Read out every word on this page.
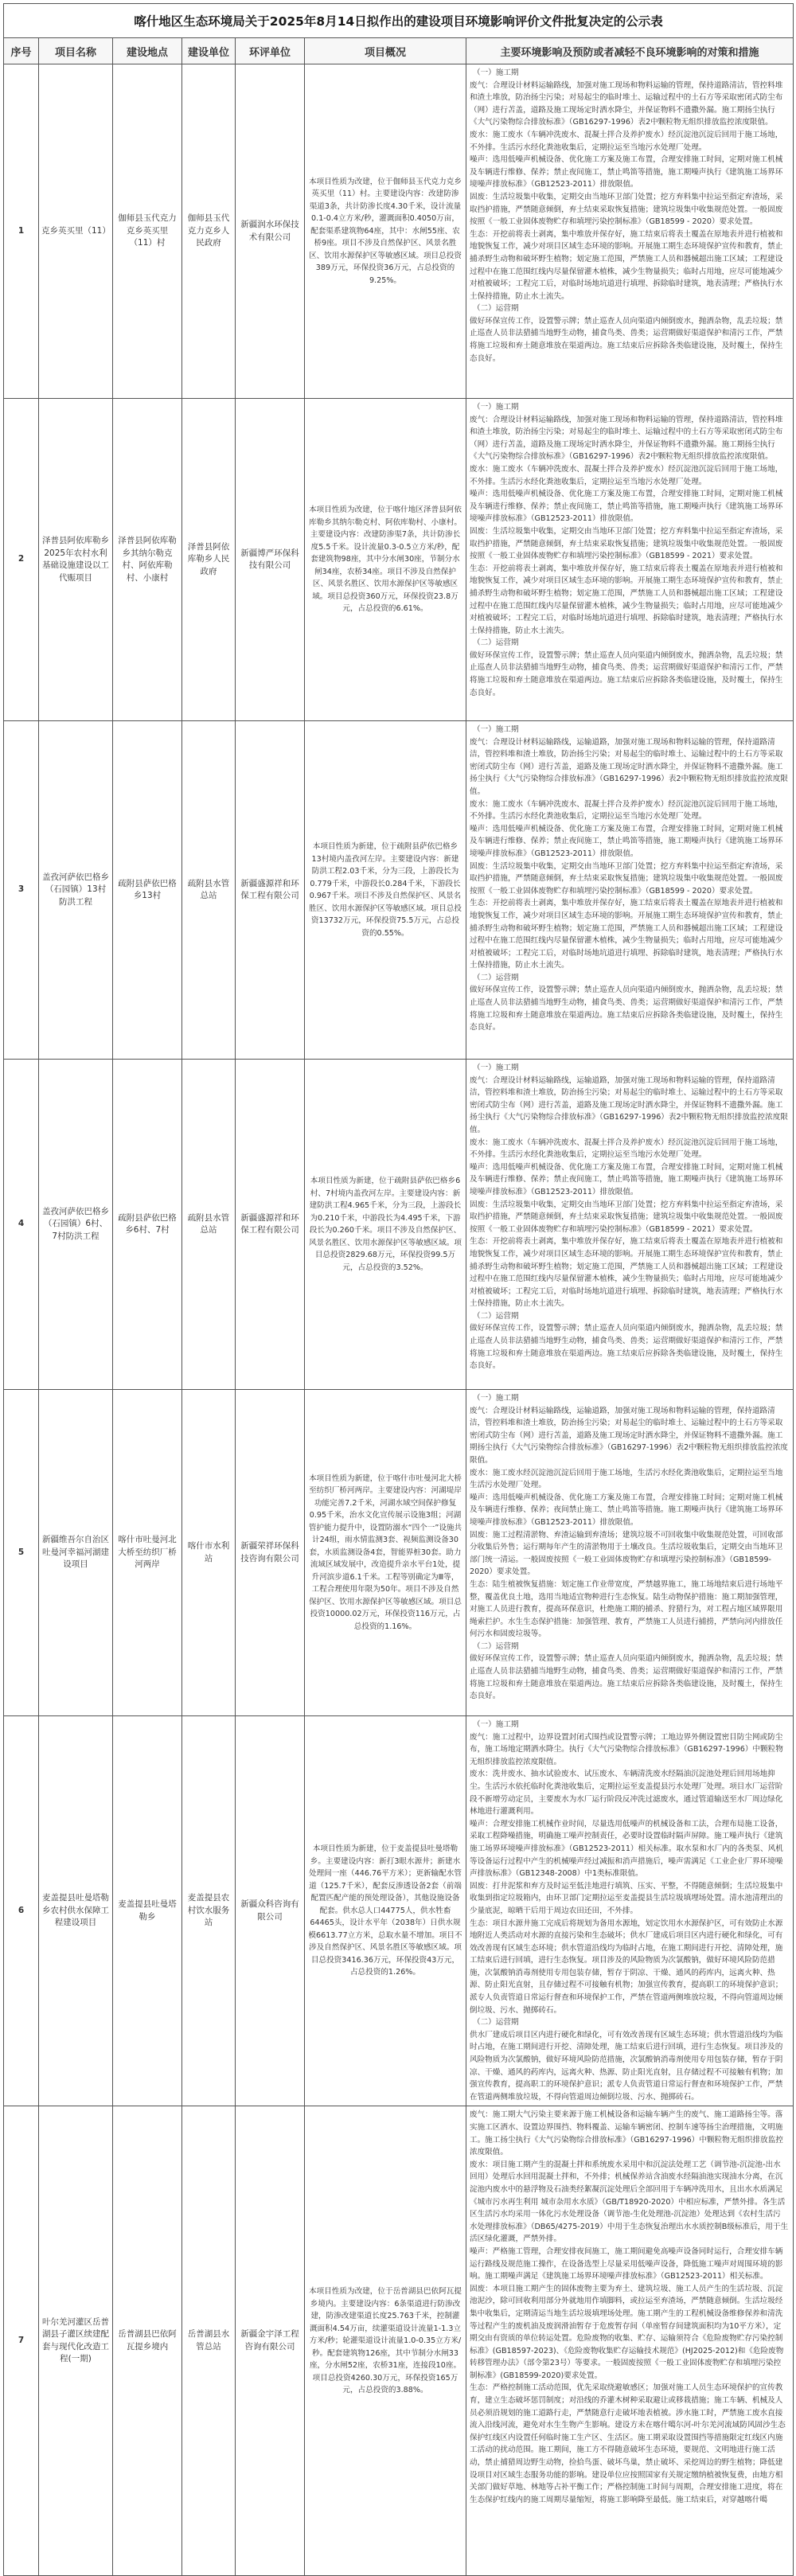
喀什地区生态环境局关于2025年8月14日拟作出的建设项目环境影响评价文件批复决定的公示表						
序号	项目名称	建设地点	建设单位	环评单位	项目概况	主要环境影响及预防或者减轻不良环境影响的对策和措施
1	克乡英买里（11）	伽师县玉代克力克乡英买里（11）村	伽师县玉代克力克乡人民政府	新疆润水环保技术有限公司	本项目性质为改建，位于伽师县玉代克力克乡英买里（11）村。主要建设内容：改建防渗渠道3条，共计防渗长度4.30千米，设计流量0.1-0.4立方米/秒，灌溉面积0.4050万亩，配套渠系建筑物64座，其中：水闸55座、农桥9座。项目不涉及自然保护区、风景名胜区、饮用水源保护区等敏感区域。项目总投资389万元，环保投资36万元，占总投资的9.25%。	

（一）施工期

废气：合理设计材料运输路线，加强对施工现场和物料运输的管理，保持道路清洁，管控料堆和渣土堆放，防治扬尘污染；对易起尘的临时堆土、运输过程中的土石方等采取密闭式防尘布（网）进行苫盖，道路及施工现场定时洒水降尘，并保证物料不遗撒外漏。施工期扬尘执行《大气污染物综合排放标准》（GB16297-1996）表2中颗粒物无组织排放监控浓度限值。

废水：施工废水（车辆冲洗废水、混凝土拌合及养护废水）经沉淀池沉淀后回用于施工场地，不外排。生活污水经化粪池收集后，定期拉运至当地污水处理厂处理。

噪声：选用低噪声机械设备、优化施工方案及施工布置，合理安排施工时间，定期对施工机械及车辆进行维修、保养；禁止夜间施工，禁止鸣笛等措施，施工期噪声执行《建筑施工场界环境噪声排放标准》（GB12523-2011）排放限值。

固废：生活垃圾集中收集，定期交由当地环卫部门处置；挖方弃料集中拉运至指定弃渣场，采取挡护措施，严禁随意倾倒，弃土结束采取恢复措施；建筑垃圾集中收集规范处置。一般固废按照《一般工业固体废物贮存和填埋污染控制标准》（GB18599 - 2020）要求处置。

生态：开挖前将表土剥离，集中堆放并保存好，施工结束后将表土覆盖在原地表并进行植被和地貌恢复工作，减少对项目区域生态环境的影响。开展施工期生态环境保护宣传和教育，禁止捕杀野生动物和破坏野生植物；划定施工范围，严禁施工人员和器械超出施工区域；工程建设过程中在施工范围红线内尽量保留灌木植株，减少生物量损失；临时占用地，应尽可能地减少对植被破坏；工程完工后，对临时场地坑道进行填埋、拆除临时建筑，地表清理；严格执行水土保持措施，防止水土流失。

（二）运营期

做好环保宣传工作，设置警示牌；禁止巡查人员向渠道内倾倒废水，抛洒杂物，乱丢垃圾；禁止巡查人员非法猎捕当地野生动物，捕食鸟类、兽类；运营期做好渠道保护和清污工作，严禁将施工垃圾和弃土随意堆放在渠道两边。施工结束后应拆除各类临建设施，及时覆土，保持生态良好。

2	泽普县阿依库勒乡2025年农村水利基础设施建设以工代赈项目	泽普县阿依库勒乡其纳尔勒克村、阿依库勒村、小康村	泽普县阿依库勒乡人民政府	新疆博严环保科技有限公司	本项目性质为改建，位于喀什地区泽普县阿依库勒乡其纳尔勒克村、阿依库勒村、小康村。主要建设内容：改建防渗渠7条，共计防渗长度5.5千米。设计流量0.3-0.5立方米/秒，配套建筑物98座，其中分水闸30座，节制分水闸34座，农桥34座。项目不涉及自然保护区、风景名胜区、饮用水源保护区等敏感区域。项目总投资360万元，环保投资23.8万元，占总投资的6.61%。	

（一）施工期

废气：合理设计材料运输路线，加强对施工现场和物料运输的管理，保持道路清洁，管控料堆和渣土堆放，防治扬尘污染；对易起尘的临时堆土、运输过程中的土石方等采取密闭式防尘布（网）进行苫盖，道路及施工现场定时洒水降尘，并保证物料不遗撒外漏。施工期扬尘执行《大气污染物综合排放标准》（GB16297-1996）表2中颗粒物无组织排放监控浓度限值。

废水：施工废水（车辆冲洗废水、混凝土拌合及养护废水）经沉淀池沉淀后回用于施工场地，不外排。生活污水经化粪池收集后，定期拉运至当地污水处理厂处理。

噪声：选用低噪声机械设备、优化施工方案及施工布置，合理安排施工时间，定期对施工机械及车辆进行维修、保养；禁止夜间施工，禁止鸣笛等措施，施工期噪声执行《建筑施工场界环境噪声排放标准》（GB12523-2011）排放限值。

固废：生活垃圾集中收集，定期交由当地环卫部门处置；挖方弃料集中拉运至指定弃渣场，采取挡护措施，严禁随意倾倒，弃土结束采取恢复措施；建筑垃圾集中收集规范处置。一般固废按照《一般工业固体废物贮存和填埋污染控制标准》（GB18599 - 2021）要求处置。

生态：开挖前将表土剥离，集中堆放并保存好，施工结束后将表土覆盖在原地表并进行植被和地貌恢复工作，减少对项目区域生态环境的影响。开展施工期生态环境保护宣传和教育，禁止捕杀野生动物和破坏野生植物；划定施工范围，严禁施工人员和器械超出施工区域；工程建设过程中在施工范围红线内尽量保留灌木植株，减少生物量损失；临时占用地，应尽可能地减少对植被破坏；工程完工后，对临时场地坑道进行填埋、拆除临时建筑，地表清理；严格执行水土保持措施，防止水土流失。

（二）运营期

做好环保宣传工作，设置警示牌；禁止巡查人员向渠道内倾倒废水，抛洒杂物，乱丢垃圾；禁止巡查人员非法猎捕当地野生动物，捕食鸟类、兽类；运营期做好渠道保护和清污工作，严禁将施工垃圾和弃土随意堆放在渠道两边。施工结束后应拆除各类临建设施，及时覆土，保持生态良好。

3	盖孜河萨依巴格乡（石园镇）13村防洪工程	疏附县萨依巴格乡13村	疏附县水管总站	新疆盛源祥和环保工程有限公司	本项目性质为新建，位于疏附县萨依巴格乡13村境内盖孜河左岸。主要建设内容：新建防洪工程2.03千米，分为三段，上游段长为0.779千米，中游段长0.284千米，下游段长0.967千米。项目不涉及自然保护区、风景名胜区、饮用水源保护区等敏感区域。项目总投资13732万元，环保投资75.5万元，占总投资的0.55%。	

（一）施工期

废气：合理设计材料运输路线，运输道路，加强对施工现场和物料运输的管理，保持道路清洁，管控料堆和渣土堆放，防治扬尘污染；对易起尘的临时堆土、运输过程中的土石方等采取密闭式防尘布（网）进行苫盖，道路及施工现场定时洒水降尘，并保证物料不遗撒外漏。施工扬尘执行《大气污染物综合排放标准》（GB16297-1996）表2中颗粒物无组织排放监控浓度限值。

废水：施工废水（车辆冲洗废水、混凝土拌合及养护废水）经沉淀池沉淀后回用于施工场地，不外排。生活污水经化粪池收集后，定期拉运至当地污水处理厂处理。

噪声：选用低噪声机械设备、优化施工方案及施工布置，合理安排施工时间，定期对施工机械及车辆进行维修、保养；禁止夜间施工，禁止鸣笛等措施，施工期噪声执行《建筑施工场界环境噪声排放标准》（GB12523-2011）排放限值。

固废：生活垃圾集中收集，定期交由当地环卫部门处置；挖方弃料集中拉运至指定弃渣场，采取挡护措施，严禁随意倾倒，弃土结束采取恢复措施；建筑垃圾集中收集规范处置。一般固废按照《一般工业固体废物贮存和填埋污染控制标准》（GB18599 - 2020）要求处置。

生态：开挖前将表土剥离，集中堆放并保存好，施工结束后将表土覆盖在原地表并进行植被和地貌恢复工作，减少对项目区域生态环境的影响。开展施工期生态环境保护宣传和教育，禁止捕杀野生动物和破坏野生植物；划定施工范围，严禁施工人员和器械超出施工区域；工程建设过程中在施工范围红线内尽量保留灌木植株，减少生物量损失；临时占用地，应尽可能地减少对植被破坏；工程完工后，对临时场地坑道进行填埋、拆除临时建筑，地表清理；严格执行水土保持措施，防止水土流失。

（二）运营期

做好环保宣传工作，设置警示牌；禁止巡查人员向渠道内倾倒废水，抛洒杂物，乱丢垃圾；禁止巡查人员非法猎捕当地野生动物，捕食鸟类、兽类；运营期做好渠道保护和清污工作，严禁将施工垃圾和弃土随意堆放在渠道两边。施工结束后应拆除各类临建设施，及时覆土，保持生态良好。

4	盖孜河萨依巴格乡（石园镇）6村、7村防洪工程	疏附县萨依巴格乡6村、7村	疏附县水管总站	新疆盛源祥和环保工程有限公司	本项目性质为新建，位于疏附县萨依巴格乡6村、7村境内盖孜河左岸。主要建设内容：新建防洪工程4.965千米，分为三段，上游段长为0.210千米，中游段长为4.495千米，下游段长为0.260千米。项目不涉及自然保护区、风景名胜区、饮用水源保护区等敏感区域。项目总投资2829.68万元，环保投资99.5万元，占总投资的3.52%。	

（一）施工期

废气：合理设计材料运输路线，运输道路，加强对施工现场和物料运输的管理，保持道路清洁，管控料堆和渣土堆放，防治扬尘污染；对易起尘的临时堆土、运输过程中的土石方等采取密闭式防尘布（网）进行苫盖，道路及施工现场定时洒水降尘，并保证物料不遗撒外漏。施工扬尘执行《大气污染物综合排放标准》（GB16297-1996）表2中颗粒物无组织排放监控浓度限值。

废水：施工废水（车辆冲洗废水、混凝土拌合及养护废水）经沉淀池沉淀后回用于施工场地，不外排。生活污水经化粪池收集后，定期拉运至当地污水处理厂处理。

噪声：选用低噪声机械设备、优化施工方案及施工布置，合理安排施工时间，定期对施工机械及车辆进行维修、保养；禁止夜间施工，禁止鸣笛等措施，施工期噪声执行《建筑施工场界环境噪声排放标准》（GB12523-2011）排放限值。

固废：生活垃圾集中收集，定期交由当地环卫部门处置；挖方弃料集中拉运至指定弃渣场，采取挡护措施，严禁随意倾倒，弃土结束采取恢复措施；建筑垃圾集中收集规范处置。一般固废按照《一般工业固体废物贮存和填埋污染控制标准》（GB18599 - 2021）要求处置。

生态：开挖前将表土剥离，集中堆放并保存好，施工结束后将表土覆盖在原地表并进行植被和地貌恢复工作，减少对项目区域生态环境的影响。开展施工期生态环境保护宣传和教育，禁止捕杀野生动物和破坏野生植物；划定施工范围，严禁施工人员和器械超出施工区域；工程建设过程中在施工范围红线内尽量保留灌木植株，减少生物量损失；临时占用地，应尽可能地减少对植被破坏；工程完工后，对临时场地坑道进行填埋、拆除临时建筑，地表清理；严格执行水土保持措施，防止水土流失。

（二）运营期

做好环保宣传工作，设置警示牌；禁止巡查人员向渠道内倾倒废水，抛洒杂物，乱丢垃圾；禁止巡查人员非法猎捕当地野生动物，捕食鸟类、兽类；运营期做好渠道保护和清污工作，严禁将施工垃圾和弃土随意堆放在渠道两边。施工结束后应拆除各类临建设施，及时覆土，保持生态良好。

5	新疆维吾尔自治区吐曼河幸福河湖建设项目	喀什市吐曼河北大桥至纺织厂桥河两岸	喀什市水利站	新疆荣祥环保科技咨询有限公司	本项目性质为新建，位于喀什市吐曼河北大桥至纺织厂桥河两岸。主要建设内容：河湖堤岸功能完善7.2千米，河湖水域空间保护修复0.95千米，治水文化宣传展示设施3组；河湖管护能力提升中，设置防溺水“四个一”设施共计24组，雨水情监测3套、视频监测设备30套，水质监测设备4套，智能界桩30套。助力流域区域发展中，改造提升亲水平台1处，提升河滨步道6.1千米。工程等别确定为Ⅲ等，工程合理使用年限为50年。项目不涉及自然保护区、饮用水源保护区等敏感区域。项目总投资10000.02万元，环保投资116万元，占总投资的1.16%。	

（一）施工期

废气：合理设计材料运输路线，运输道路，加强对施工现场和物料运输的管理，保持道路清洁，管控料堆和渣土堆放，防治扬尘污染；对易起尘的临时堆土、运输过程中的土石方等采取密闭式防尘布（网）进行苫盖，道路及施工现场定时洒水降尘，并保证物料不遗撒外漏。施工期扬尘执行《大气污染物综合排放标准》（GB16297-1996）表2中颗粒物无组织排放监控浓度限值。

废水：施工废水经沉淀池沉淀后回用于施工场地，生活污水经化粪池收集后，定期拉运至当地生活污水处理厂处理。

噪声：选用低噪声机械设备、优化施工方案及施工布置，合理安排施工时间；定期对施工机械及车辆进行维修、保养；夜间禁止施工、禁止鸣笛等措施。施工期噪声执行《建筑施工场界环境噪声排放标准》（GB12523-2011）排放限值。

固废：施工过程清淤物、弃渣运输到弃渣场；建筑垃圾不可回收集中收集规范处置，可回收部分收集后外售；运行期每年产生的清淤物用于土壤改良。生活垃圾收集后，定期交由当地环卫部门统一清运。一般固废按照《一般工业固体废物贮存和填埋污染控制标准》（GB18599-2020）要求处置。

生态：陆生植被恢复措施：划定施工作业带宽度，严禁越界施工，施工场地结束后进行场地平整，覆盖优良土地，选用当地适宜物种进行生态恢复。陆生动物保护措施：施工期加强管理，对施工人员进行教育，提高环保意识，杜绝施工期的捕杀、狩猎行为，对工程占地区域界限用绳索拦护。水生生态保护措施：加强管理、教育，严禁施工人员进行捕捞，严禁向河内排放任何污水和固废垃圾等。

（二）运营期

做好环保宣传工作，设置警示牌；禁止巡查人员向渠道内倾倒废水，抛洒杂物，乱丢垃圾；禁止巡查人员非法猎捕当地野生动物，捕食鸟类、兽类；运营期做好渠道保护和清污工作，严禁将施工垃圾和弃土随意堆放在渠道两边。施工结束后应拆除各类临建设施，及时覆土，保持生态良好。

6	麦盖提县吐曼塔勒乡农村供水保障工程建设项目	麦盖提县吐曼塔勒乡	麦盖提县农村饮水服务站	新疆众科咨询有限公司	本项目性质为新建，位于麦盖提县吐曼塔勒乡。主要建设内容：新打3眼水源井；新建水处理间一座（446.76平方米）；更新输配水管道（125.7千米），配套反渗透设备2套（前端配置匹配产能的预处理设备），其他设施设备配套。供水总人口44775人，供水牲畜64465头，设计水平年（2038年）日供水规模6613.77立方米，总取水量不增加。项目不涉及自然保护区、风景名胜区等敏感区域。项目总投资3416.36万元，环保投资43万元，占总投资的1.26%。	

（一）施工期

废气：施工过程中，边界设置封闭式围挡或设置警示牌；工地边界外侧设置密目防尘网或防尘布，施工场地定期洒水降尘。执行《大气污染物综合排放标准》（GB16297-1996）中颗粒物无组织排放监控浓度限值。

废水：洗井废水、抽水试验废水、试压废水、车辆清洗废水经隔油沉淀池处理后回用场地抑尘。生活污水依托临时化粪池收集后，定期拉运至麦盖提县污水处理厂处理。项目水厂运营阶段不新增劳动定员，主要废水为水厂运行阶段反冲洗过滤废水，通过管道输送至水厂周边绿化林地进行灌溉利用。

噪声：合理安排施工机械作业时间，尽量选用低噪声的机械设备和工法，合理布局施工设备，采取工程降噪措施，明确施工噪声控制责任，必要时设置临时隔声屏障。施工噪声执行《建筑施工场界环境噪声排放标准》（GB12523-2011）相关标准。取水泵和水厂内的各类泵、风机等设备运行过程中产生的机械噪声经过减振和消声措施后，噪声需满足《工业企业厂界环境噪声排放标准》（GB12348-2008）中1类标准限值。

固废：打井泥浆和弃方及时运至低洼地进行填筑、压实、平整，不得随意倾倒；生活垃圾集中收集到指定垃圾箱内，由环卫部门定期拉运至麦盖提县生活垃圾填埋场处置。清水池清理出的少量底泥，晾晒干后用于周边农田还田，不外排。

生态：项目水源井施工完成后将规划为备用水源地，划定饮用水水源保护区，可有效防止水源地附近人类活动对水源的直接污染和生态破坏；供水厂建成后项目区内进行硬化和绿化，可有效改善现有区域生态环境；供水管道沿线均为临时占地，在施工期间进行开挖、清障处理，施工结束后进行回填，进行生态恢复。项目涉及的风险物质为次氯酸钠，做好环境风险防范措施，次氯酸钠消毒剂使用专用包装存储，暂存于阴凉、干燥、通风的药库内，远离火种、热源、防止阳光直射，且存储过程不可接触有机物；加强宣传教育，提高职工的环境保护意识；派专人负责管道日常运行督查和环境保护工作，严禁在管道两侧堆放垃圾，不得向管道周边倾倒垃圾、污水、抛掷砖石。

（二）运营期

供水厂建成后项目区内进行硬化和绿化，可有效改善现有区域生态环境；供水管道沿线均为临时占地，在施工期间进行开挖、清障处理，施工结束后进行回填，进行生态恢复。项目涉及的风险物质为次氯酸钠，做好环境风险防范措施，次氯酸钠消毒剂使用专用包装存储，暂存于阴凉、干燥、通风的药库内，远离火种、热源、防止阳光直射，且存储过程不可接触有机物；加强宣传教育，提高职工的环境保护意识；派专人负责管道日常运行督查和环境保护工作，严禁在管道两侧堆放垃圾，不得向管道周边倾倒垃圾、污水、抛掷砖石。

7	叶尔羌河灌区岳普湖县子灌区续建配套与现代化改造工程(一期)	岳普湖县巴依阿瓦提乡境内	岳普湖县水管总站	新疆金宇泽工程咨询有限公司	本项目性质为改建，位于岳普湖县巴依阿瓦提乡境内。主要建设内容：6条渠道进行防渗改建，防渗改建渠道长度25.763千米，控制灌溉面积4.54万亩，续灌渠道设计流量1-1.3立方米/秒；轮灌渠道设计流量1.0-0.35立方米/秒。配套建筑物126座，其中节制分水闸33座，分水闸52座，农桥31座，连接段10座。项目总投资4260.30万元，环保投资165万元，占总投资的3.88%。	废气：施工期大气污染主要来源于施工机械设备和运输车辆产生的废气、施工道路扬尘等。落实施工区洒水、设置边界围挡、物料覆盖、运输车辆密闭、控制车速等扬尘治理措施，文明施工。施工扬尘执行《大气污染物综合排放标准》（GB16297-1996）中颗粒物无组织排放监控浓度限值。

废水：项目施工期产生的混凝土拌和系统废水采用中和沉淀法处理工艺（调节池-沉淀池-出水回用）处理后水回用混凝土拌和，不外排；机械保养站含油废水经隔油池实现油水分离，在沉淀池内废水中的悬浮物及石油类经絮凝沉淀处理后全部回用于车辆冲洗用水，且出水水质满足《城市污水再生利用 城市杂用水水质》（GB/T18920-2020）中相应标准，严禁外排。各生活区生活污水均采用一体化污水处理设备（调节池-生化处理池-沉淀池）处理达到《农村生活污水处理排放标准》（DB65/4275-2019）中用于生态恢复治理出水水质控制B级标准后，用于生活区绿化灌溉，严禁外排。

噪声：严格施工管理，合理安排夜间施工，施工期间避免高噪声设备同时运行，合理安排车辆运行路线及规范施工操作，在设备选型上尽量采用低噪声设备，降低施工噪声对周围环境的影响。施工期噪声满足《建筑施工场界环境噪声排放标准》（GB12523-2011）相关标准。

固废：本项目施工期产生的固体废物主要为弃土、建筑垃圾、施工人员产生的生活垃圾、沉淀池泥沙，除可回收利用部分外就地用作填脚料，或拉运至弃渣场，严禁随意倾倒。生活垃圾经集中收集后，定期清运当地生活垃圾填埋场处理。施工期产生的工程机械设备维修保养和清洗等过程产生的废机油及废润滑油暂存于危废暂存间（单座暂存间建筑面积均为10平方米），定期交由有资质的单位转运处置。危险废物的收集、贮存、运输须符合《危险废物贮存污染控制标准》(GB18597-2023)、《危险废物收集贮存运输技术规范》(HJ2025-2012)和《危险废物转移管理办法》（部令第23号）等要求。一般固废按照《一般工业固体废物贮存和填埋污染控制标准》(GB18599-2020)要求处置。

生态：严格控制施工活动范围，优先采取绕避敏感区；加强对施工人员生态环境保护的宣传教育，建立生态破坏惩罚制度；对沿线的乔灌木树种采取避让或移栽措施；施工车辆、机械及人员必须沿规划的施工道路行走，严禁随意行走破坏地表植被。涉水施工时，严禁施工废水直接流入沿线河流，避免对水生生物产生影响。建设方未在喀什噶尔河-叶尔羌河流域防风固沙生态保护红线区内设置任何临时施工生产区、生活区。施工期采取设置围挡等措施限定红线区内施工活动的扰动范围。施工期间，施工方不得随意破坏生态环境，要规范、文明地进行施工活动，禁止捕猎周边野生动物，捡拾鸟蛋、破坏鸟巢，禁止破坏、采挖周边的野生植物；降低建设项目对区域生态服务功能的影响。建设单位应按照国家有关规定缴纳植被恢复费，由地方相关部门做好草地、林地等占补平衡工作；严格控制施工时间与周期，合理安排施工进度，将在生态保护红线内的施工周期尽量缩短，将施工影响降至最低。施工结束后，对穿越喀什噶
